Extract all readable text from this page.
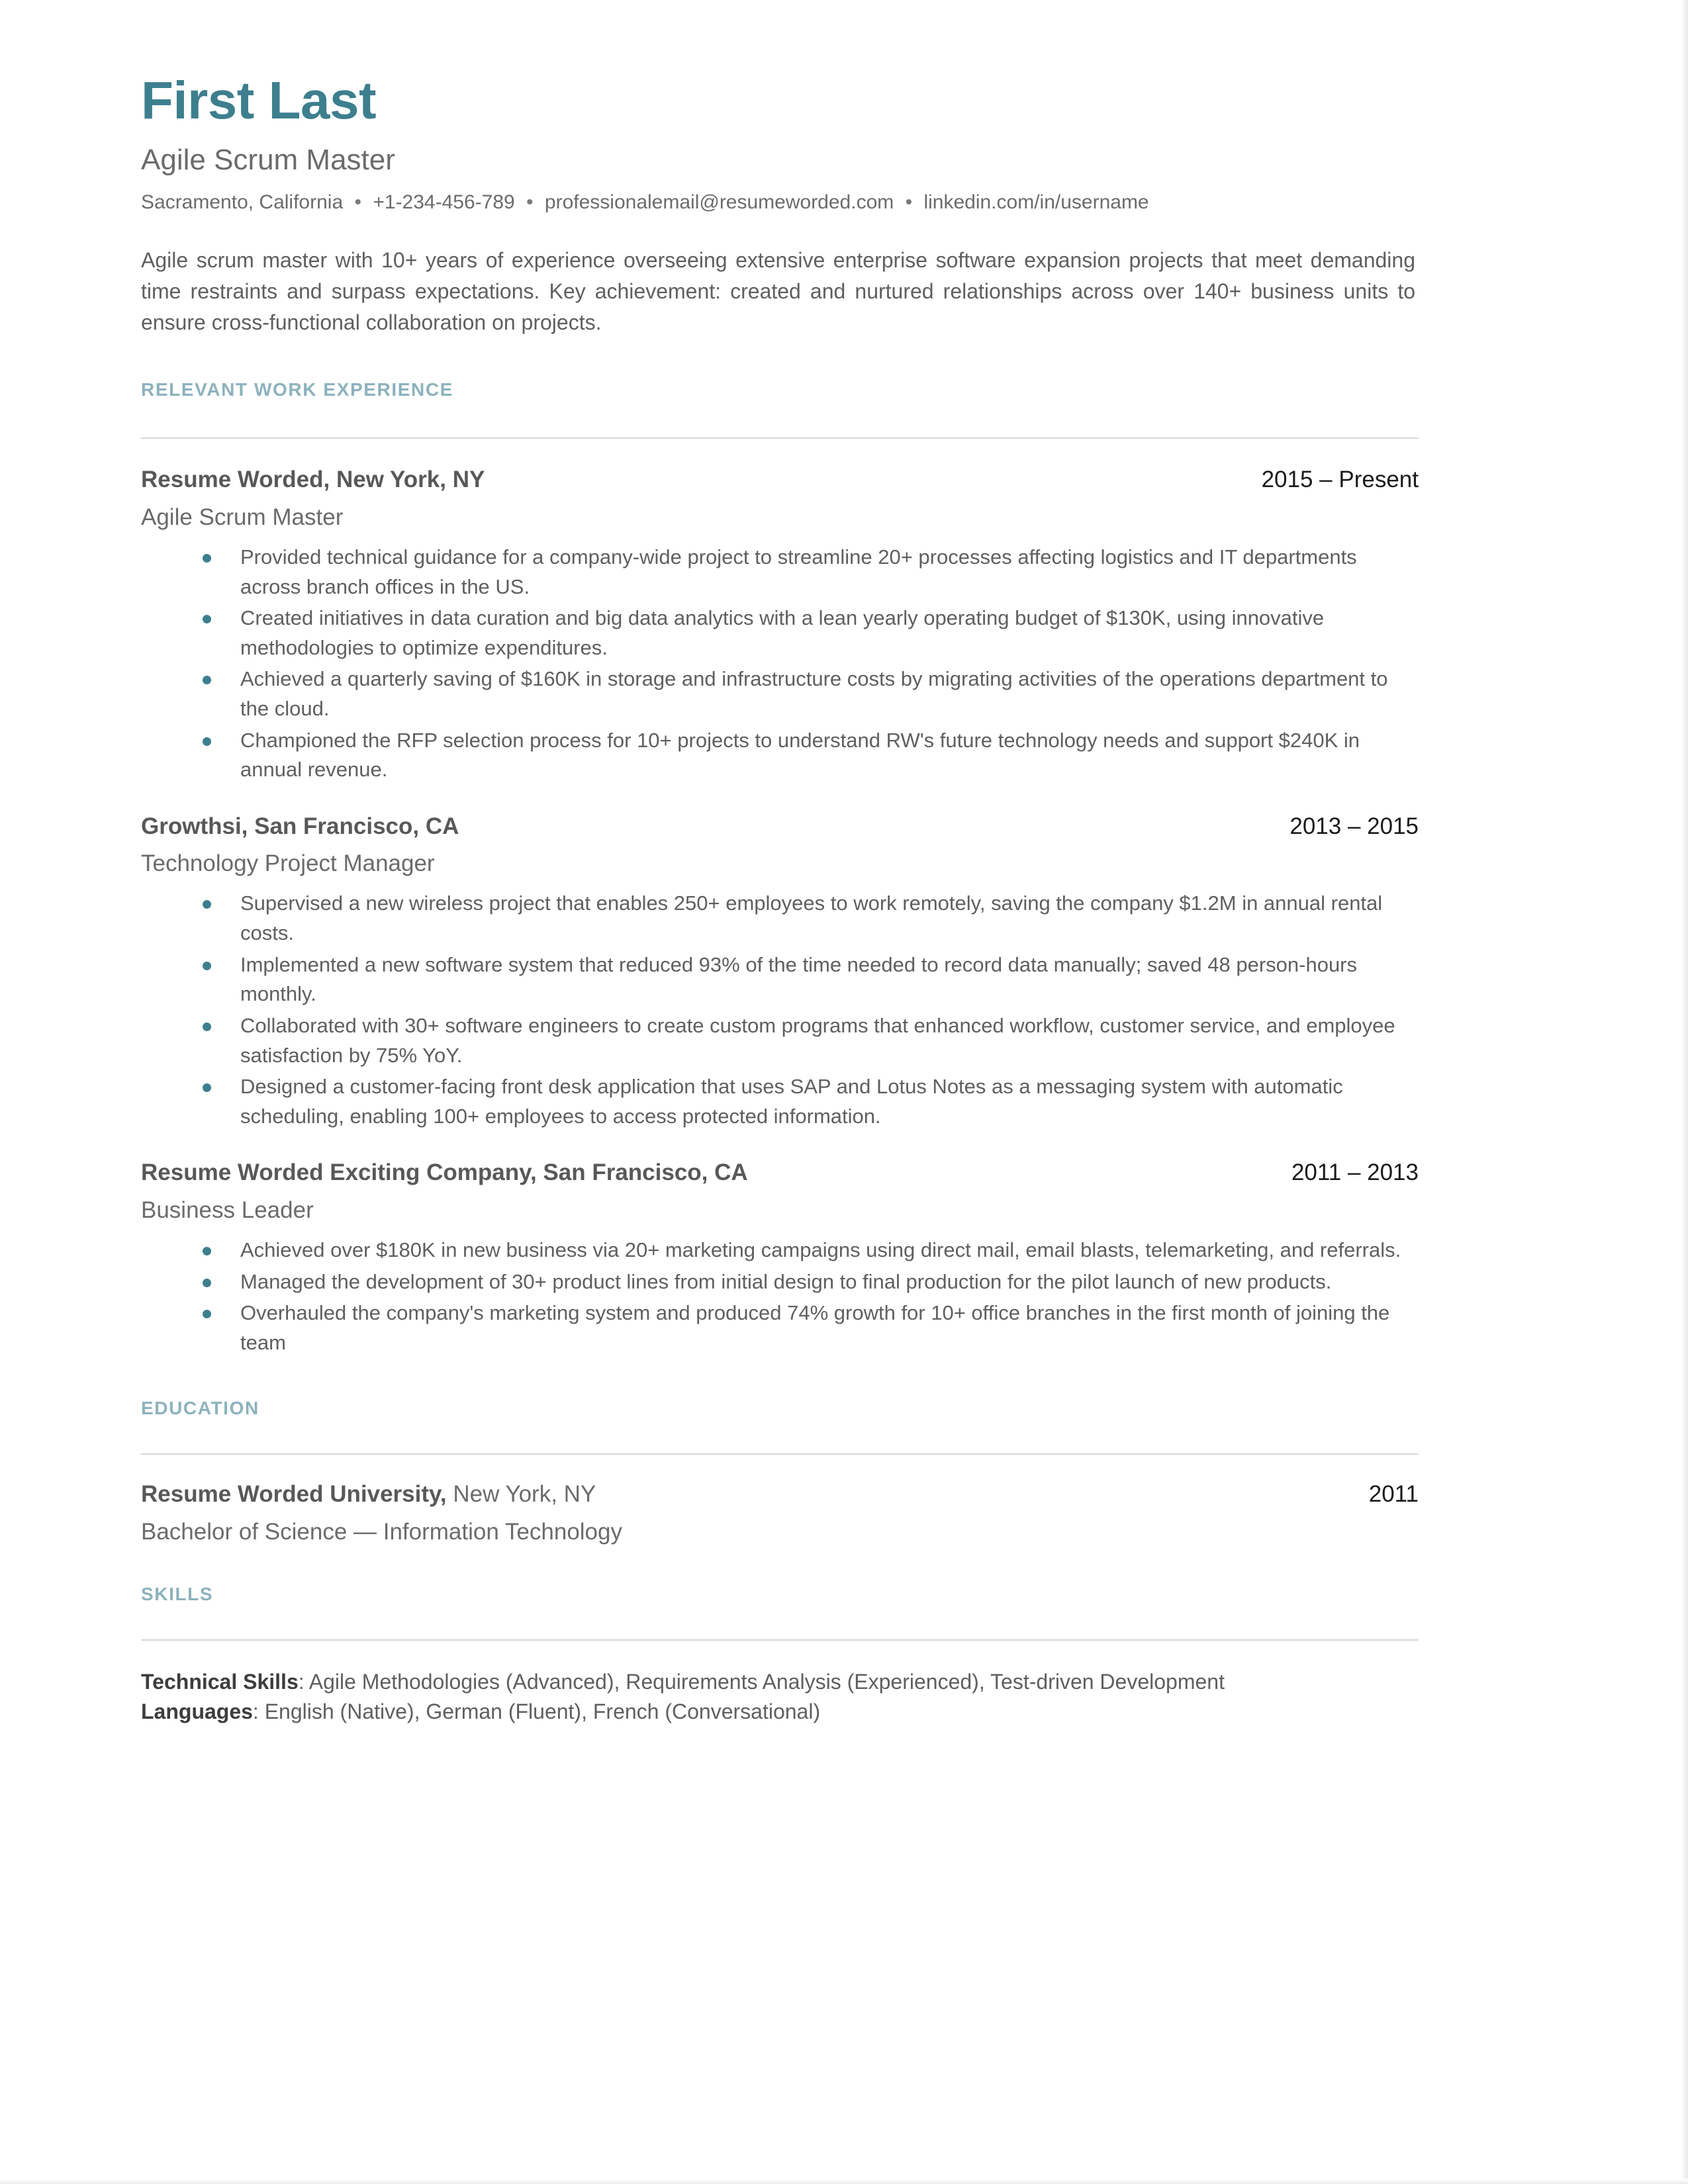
First Last
Agile Scrum Master
Sacramento, California • +1-234-456-789 • professionalemail@resumeworded.com • linkedin.com/in/username

Agile scrum master with 10+ years of experience overseeing extensive enterprise software expansion projects that meet demanding time restraints and surpass expectations. Key achievement: created and nurtured relationships across over 140+ business units to ensure cross-functional collaboration on projects.

RELEVANT WORK EXPERIENCE
Resume Worded, New York, NY	2015 – Present
Agile Scrum Master
Provided technical guidance for a company-wide project to streamline 20+ processes affecting logistics and IT departments across branch offices in the US.
Created initiatives in data curation and big data analytics with a lean yearly operating budget of $130K, using innovative methodologies to optimize expenditures.
Achieved a quarterly saving of $160K in storage and infrastructure costs by migrating activities of the operations department to the cloud.
Championed the RFP selection process for 10+ projects to understand RW's future technology needs and support $240K in annual revenue.
Growthsi, San Francisco, CA	2013 – 2015
Technology Project Manager
Supervised a new wireless project that enables 250+ employees to work remotely, saving the company $1.2M in annual rental costs.
Implemented a new software system that reduced 93% of the time needed to record data manually; saved 48 person-hours monthly.
Collaborated with 30+ software engineers to create custom programs that enhanced workflow, customer service, and employee satisfaction by 75% YoY.
Designed a customer-facing front desk application that uses SAP and Lotus Notes as a messaging system with automatic scheduling, enabling 100+ employees to access protected information.
Resume Worded Exciting Company, San Francisco, CA	2011 – 2013
Business Leader
Achieved over $180K in new business via 20+ marketing campaigns using direct mail, email blasts, telemarketing, and referrals.
Managed the development of 30+ product lines from initial design to final production for the pilot launch of new products.
Overhauled the company's marketing system and produced 74% growth for 10+ office branches in the first month of joining the team
EDUCATION
Resume Worded University, New York, NY	2011
Bachelor of Science — Information Technology
SKILLS
Technical Skills: Agile Methodologies (Advanced), Requirements Analysis (Experienced), Test-driven Development
Languages: English (Native), German (Fluent), French (Conversational)
